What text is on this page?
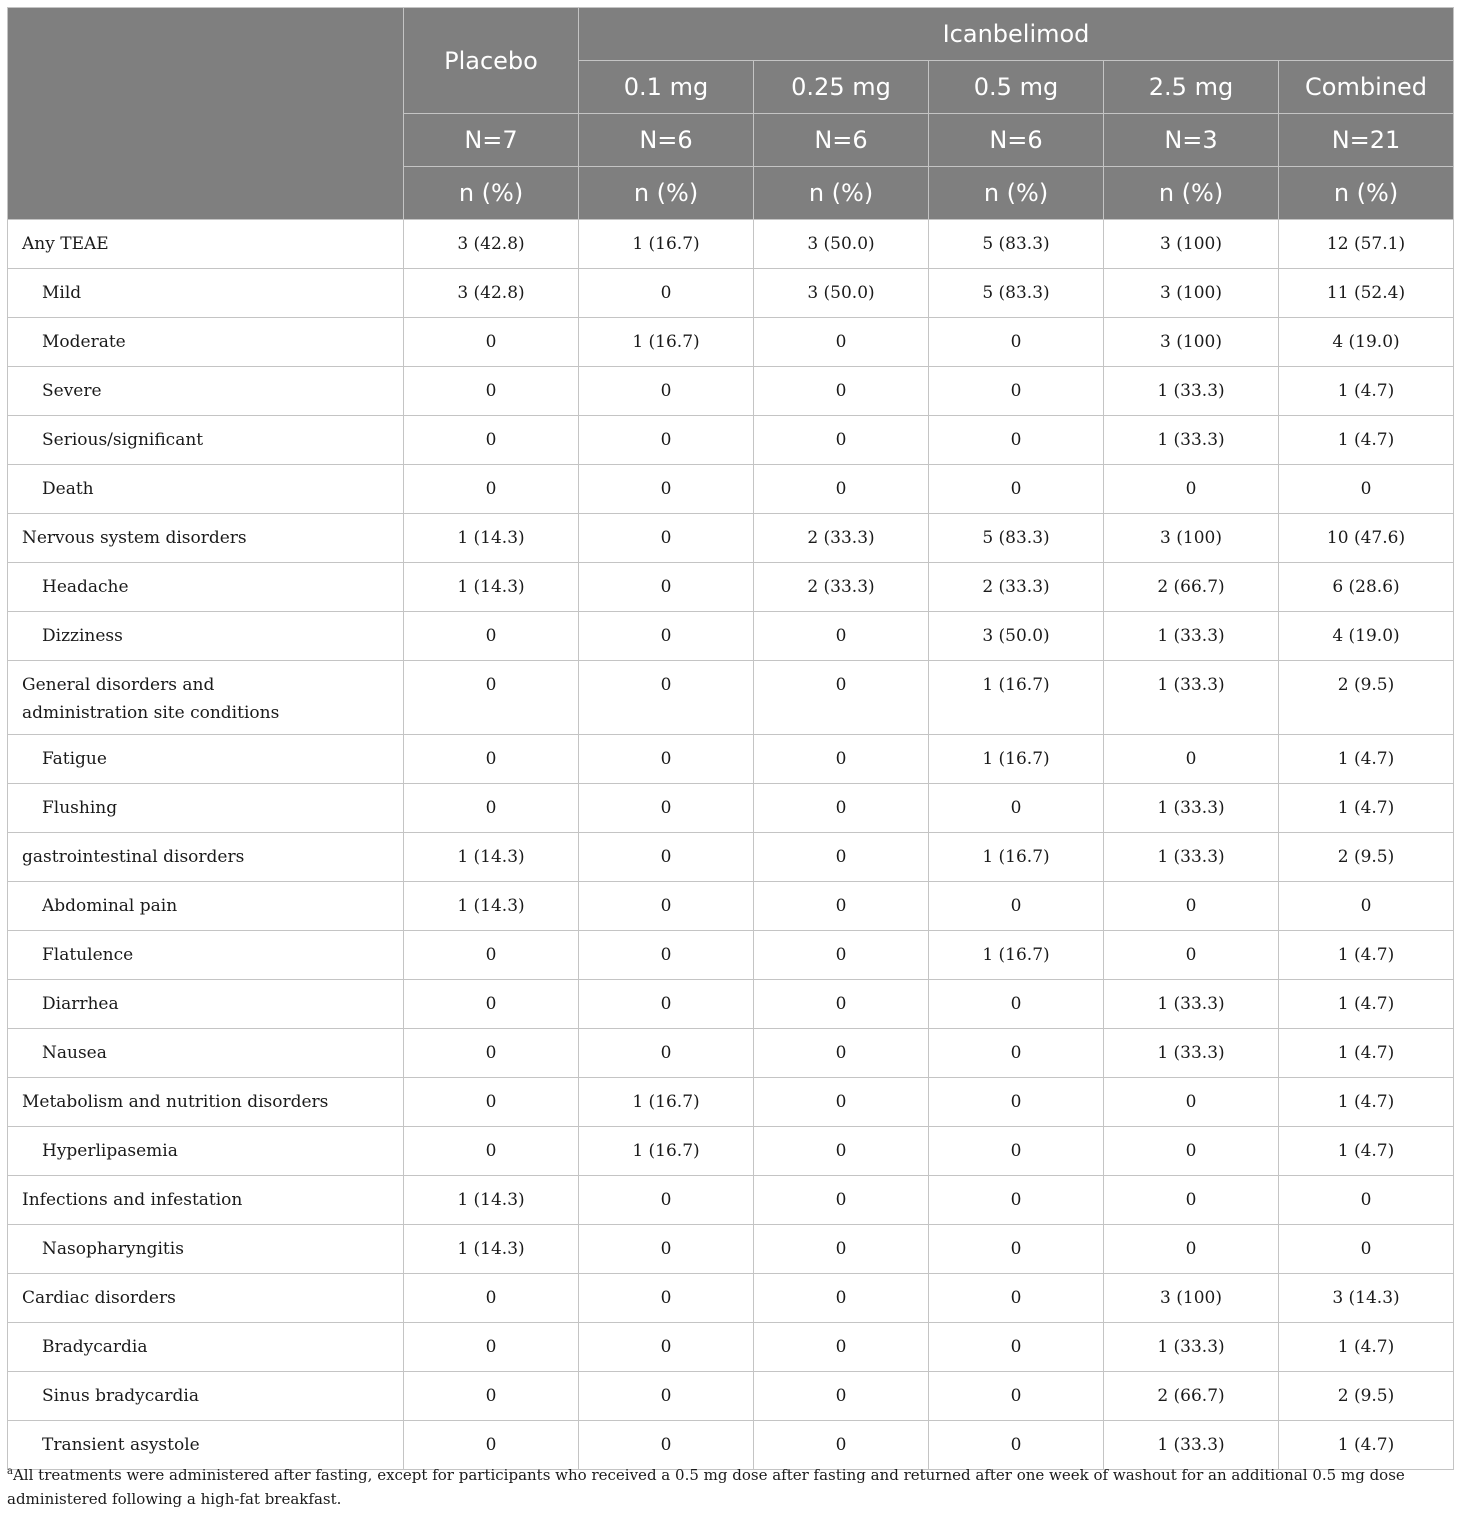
	Placebo	Icanbelimod				
		0.1 mg	0.25 mg	0.5 mg	2.5 mg	Combined
	N=7	N=6	N=6	N=6	N=3	N=21
	n (%)	n (%)	n (%)	n (%)	n (%)	n (%)
Any TEAE	3 (42.8)	1 (16.7)	3 (50.0)	5 (83.3)	3 (100)	12 (57.1)
Mild	3 (42.8)	0	3 (50.0)	5 (83.3)	3 (100)	11 (52.4)
Moderate	0	1 (16.7)	0	0	3 (100)	4 (19.0)
Severe	0	0	0	0	1 (33.3)	1 (4.7)
Serious/significant	0	0	0	0	1 (33.3)	1 (4.7)
Death	0	0	0	0	0	0
Nervous system disorders	1 (14.3)	0	2 (33.3)	5 (83.3)	3 (100)	10 (47.6)
Headache	1 (14.3)	0	2 (33.3)	2 (33.3)	2 (66.7)	6 (28.6)
Dizziness	0	0	0	3 (50.0)	1 (33.3)	4 (19.0)
General disorders and administration site conditions	0	0	0	1 (16.7)	1 (33.3)	2 (9.5)
Fatigue	0	0	0	1 (16.7)	0	1 (4.7)
Flushing	0	0	0	0	1 (33.3)	1 (4.7)
gastrointestinal disorders	1 (14.3)	0	0	1 (16.7)	1 (33.3)	2 (9.5)
Abdominal pain	1 (14.3)	0	0	0	0	0
Flatulence	0	0	0	1 (16.7)	0	1 (4.7)
Diarrhea	0	0	0	0	1 (33.3)	1 (4.7)
Nausea	0	0	0	0	1 (33.3)	1 (4.7)
Metabolism and nutrition disorders	0	1 (16.7)	0	0	0	1 (4.7)
Hyperlipasemia	0	1 (16.7)	0	0	0	1 (4.7)
Infections and infestation	1 (14.3)	0	0	0	0	0
Nasopharyngitis	1 (14.3)	0	0	0	0	0
Cardiac disorders	0	0	0	0	3 (100)	3 (14.3)
Bradycardia	0	0	0	0	1 (33.3)	1 (4.7)
Sinus bradycardia	0	0	0	0	2 (66.7)	2 (9.5)
Transient asystole	0	0	0	0	1 (33.3)	1 (4.7)
$^a$All treatments were administered after fasting, except for participants who received a 0.5 mg dose after fasting and returned after one week of washout for an additional 0.5 mg dose administered following a high-fat breakfast.
